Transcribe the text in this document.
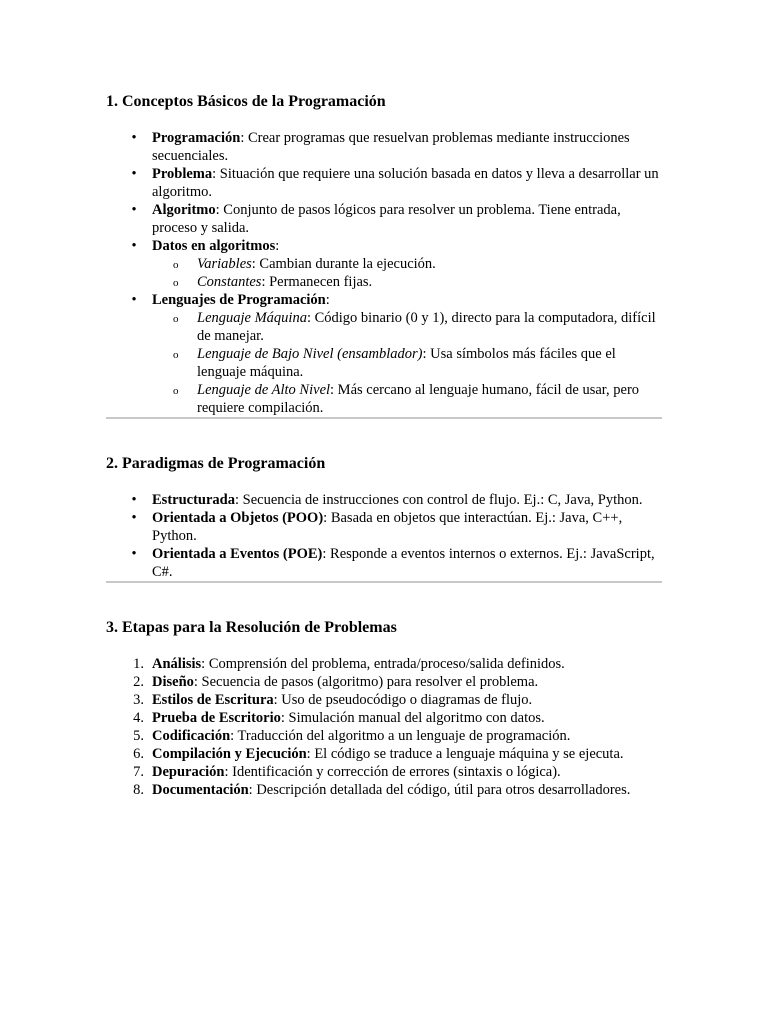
1. Conceptos Básicos de la Programación
• Programación: Crear programas que resuelvan problemas mediante instrucciones secuenciales.
• Problema: Situación que requiere una solución basada en datos y lleva a desarrollar un algoritmo.
• Algoritmo: Conjunto de pasos lógicos para resolver un problema. Tiene entrada, proceso y salida.
• Datos en algoritmos:
o Variables: Cambian durante la ejecución.
o Constantes: Permanecen fijas.
• Lenguajes de Programación:
o Lenguaje Máquina: Código binario (0 y 1), directo para la computadora, difícil de manejar.
o Lenguaje de Bajo Nivel (ensamblador): Usa símbolos más fáciles que el lenguaje máquina.
o Lenguaje de Alto Nivel: Más cercano al lenguaje humano, fácil de usar, pero requiere compilación.
2. Paradigmas de Programación
• Estructurada: Secuencia de instrucciones con control de flujo. Ej.: C, Java, Python.
• Orientada a Objetos (POO): Basada en objetos que interactúan. Ej.: Java, C++, Python.
• Orientada a Eventos (POE): Responde a eventos internos o externos. Ej.: JavaScript, C#.
3. Etapas para la Resolución de Problemas
1. Análisis: Comprensión del problema, entrada/proceso/salida definidos.
2. Diseño: Secuencia de pasos (algoritmo) para resolver el problema.
3. Estilos de Escritura: Uso de pseudocódigo o diagramas de flujo.
4. Prueba de Escritorio: Simulación manual del algoritmo con datos.
5. Codificación: Traducción del algoritmo a un lenguaje de programación.
6. Compilación y Ejecución: El código se traduce a lenguaje máquina y se ejecuta.
7. Depuración: Identificación y corrección de errores (sintaxis o lógica).
8. Documentación: Descripción detallada del código, útil para otros desarrolladores.
